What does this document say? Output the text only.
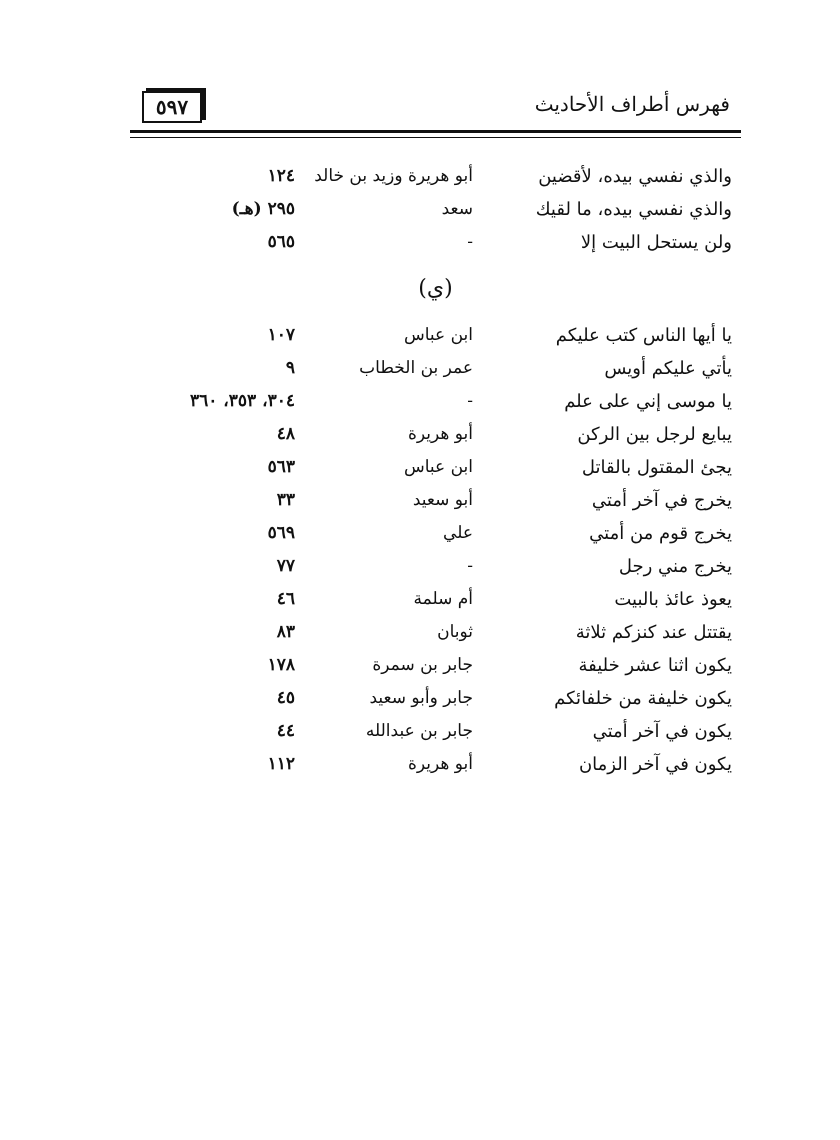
٥٩٧	فهرس أطراف الأحاديث
والذي نفسي بيده، لأقضين
أبو هريرة وزيد بن خالد
١٢٤
والذي نفسي بيده، ما لقيك
سعد
٢٩٥ (هـ)
ولن يستحل البيت إلا
-
٥٦٥
(ي)
يا أيها الناس كتب عليكم
ابن عباس
١٠٧
يأتي عليكم أويس
عمر بن الخطاب
٩
يا موسى إني على علم
-
٣٠٤، ٣٥٣، ٣٦٠
يبايع لرجل بين الركن
أبو هريرة
٤٨
يجئ المقتول بالقاتل
ابن عباس
٥٦٣
يخرج في آخر أمتي
أبو سعيد
٣٣
يخرج قوم من أمتي
علي
٥٦٩
يخرج مني رجل
-
٧٧
يعوذ عائذ بالبيت
أم سلمة
٤٦
يقتتل عند كنزكم ثلاثة
ثوبان
٨٣
يكون اثنا عشر خليفة
جابر بن سمرة
١٧٨
يكون خليفة من خلفائكم
جابر وأبو سعيد
٤٥
يكون في آخر أمتي
جابر بن عبدالله
٤٤
يكون في آخر الزمان
أبو هريرة
١١٢
